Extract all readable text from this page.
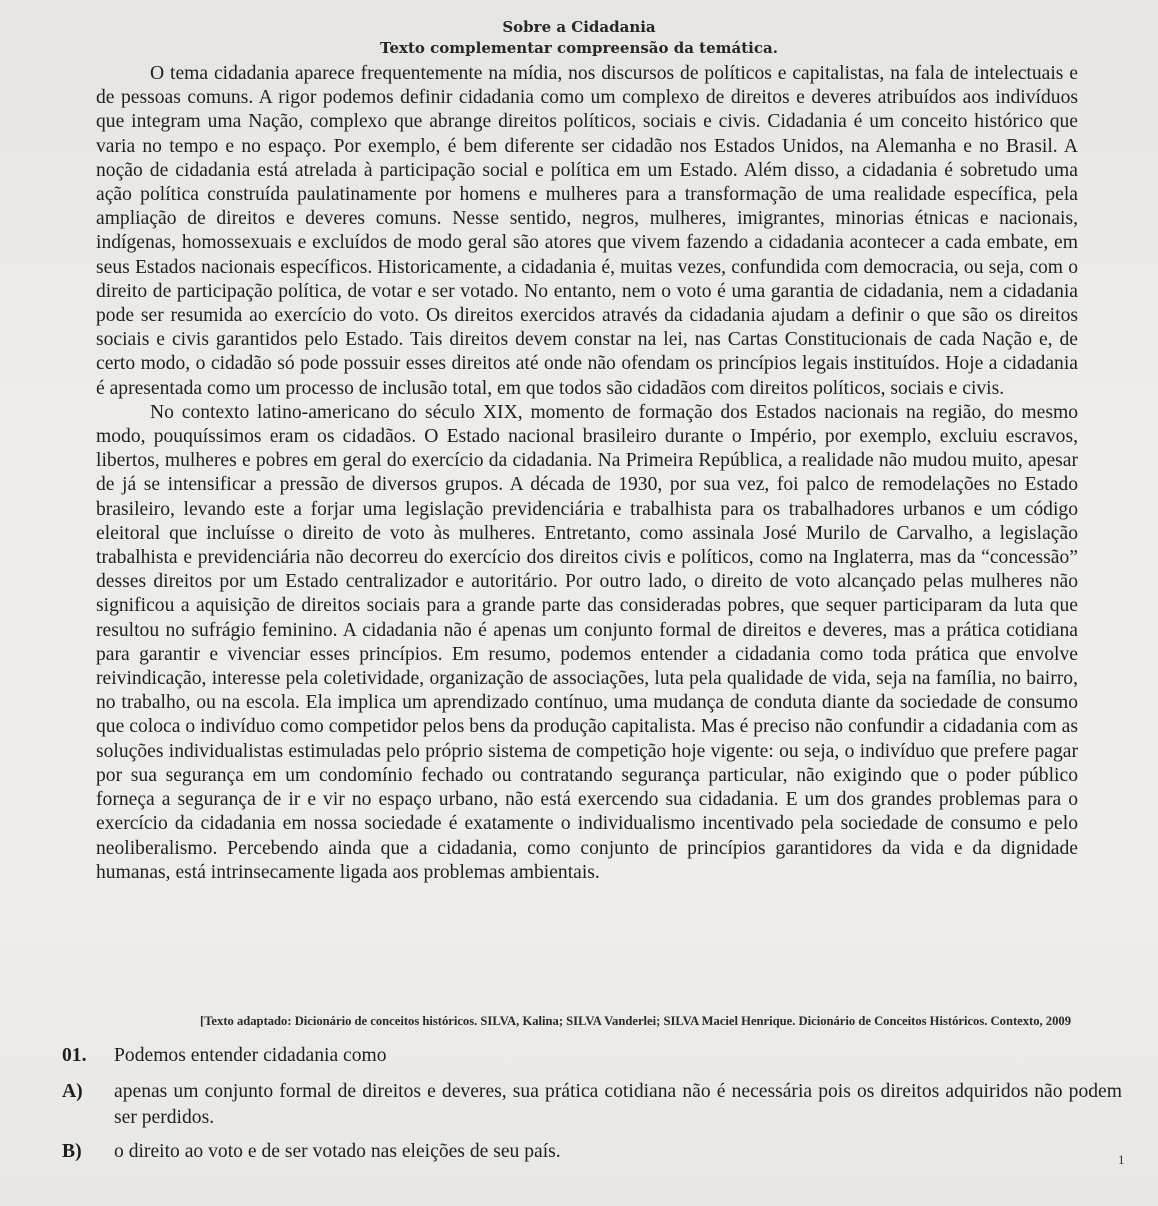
Sobre a Cidadania
Texto complementar compreensão da temática.

O tema cidadania aparece frequentemente na mídia, nos discursos de políticos e capitalistas, na fala de intelectuais e de pessoas comuns. A rigor podemos definir cidadania como um complexo de direitos e deveres atribuídos aos indivíduos que integram uma Nação, complexo que abrange direitos políticos, sociais e civis. Cidadania é um conceito histórico que varia no tempo e no espaço. Por exemplo, é bem diferente ser cidadão nos Estados Unidos, na Alemanha e no Brasil. A noção de cidadania está atrelada à participação social e política em um Estado. Além disso, a cidadania é sobretudo uma ação política construída paulatinamente por homens e mulheres para a transformação de uma realidade específica, pela ampliação de direitos e deveres comuns. Nesse sentido, negros, mulheres, imigrantes, minorias étnicas e nacionais, indígenas, homossexuais e excluídos de modo geral são atores que vivem fazendo a cidadania acontecer a cada embate, em seus Estados nacionais específicos. Historicamente, a cidadania é, muitas vezes, confundida com democracia, ou seja, com o direito de participação política, de votar e ser votado. No entanto, nem o voto é uma garantia de cidadania, nem a cidadania pode ser resumida ao exercício do voto. Os direitos exercidos através da cidadania ajudam a definir o que são os direitos sociais e civis garantidos pelo Estado. Tais direitos devem constar na lei, nas Cartas Constitucionais de cada Nação e, de certo modo, o cidadão só pode possuir esses direitos até onde não ofendam os princípios legais instituídos. Hoje a cidadania é apresentada como um processo de inclusão total, em que todos são cidadãos com direitos políticos, sociais e civis.

No contexto latino-americano do século XIX, momento de formação dos Estados nacionais na região, do mesmo modo, pouquíssimos eram os cidadãos. O Estado nacional brasileiro durante o Império, por exemplo, excluiu escravos, libertos, mulheres e pobres em geral do exercício da cidadania. Na Primeira República, a realidade não mudou muito, apesar de já se intensificar a pressão de diversos grupos. A década de 1930, por sua vez, foi palco de remodelações no Estado brasileiro, levando este a forjar uma legislação previdenciária e trabalhista para os trabalhadores urbanos e um código eleitoral que incluísse o direito de voto às mulheres. Entretanto, como assinala José Murilo de Carvalho, a legislação trabalhista e previdenciária não decorreu do exercício dos direitos civis e políticos, como na Inglaterra, mas da “concessão” desses direitos por um Estado centralizador e autoritário. Por outro lado, o direito de voto alcançado pelas mulheres não significou a aquisição de direitos sociais para a grande parte das consideradas pobres, que sequer participaram da luta que resultou no sufrágio feminino. A cidadania não é apenas um conjunto formal de direitos e deveres, mas a prática cotidiana para garantir e vivenciar esses princípios. Em resumo, podemos entender a cidadania como toda prática que envolve reivindicação, interesse pela coletividade, organização de associações, luta pela qualidade de vida, seja na família, no bairro, no trabalho, ou na escola. Ela implica um aprendizado contínuo, uma mudança de conduta diante da sociedade de consumo que coloca o indivíduo como competidor pelos bens da produção capitalista. Mas é preciso não confundir a cidadania com as soluções individualistas estimuladas pelo próprio sistema de competição hoje vigente: ou seja, o indivíduo que prefere pagar por sua segurança em um condomínio fechado ou contratando segurança particular, não exigindo que o poder público forneça a segurança de ir e vir no espaço urbano, não está exercendo sua cidadania. E um dos grandes problemas para o exercício da cidadania em nossa sociedade é exatamente o individualismo incentivado pela sociedade de consumo e pelo neoliberalismo. Percebendo ainda que a cidadania, como conjunto de princípios garantidores da vida e da dignidade humanas, está intrinsecamente ligada aos problemas ambientais.

[Texto adaptado: Dicionário de conceitos históricos. SILVA, Kalina; SILVA Vanderlei; SILVA Maciel Henrique. Dicionário de Conceitos Históricos. Contexto, 2009
01.	Podemos entender cidadania como
A)	apenas um conjunto formal de direitos e deveres, sua prática cotidiana não é necessária pois os direitos adquiridos não podem ser perdidos.
B)	o direito ao voto e de ser votado nas eleições de seu país.	1
